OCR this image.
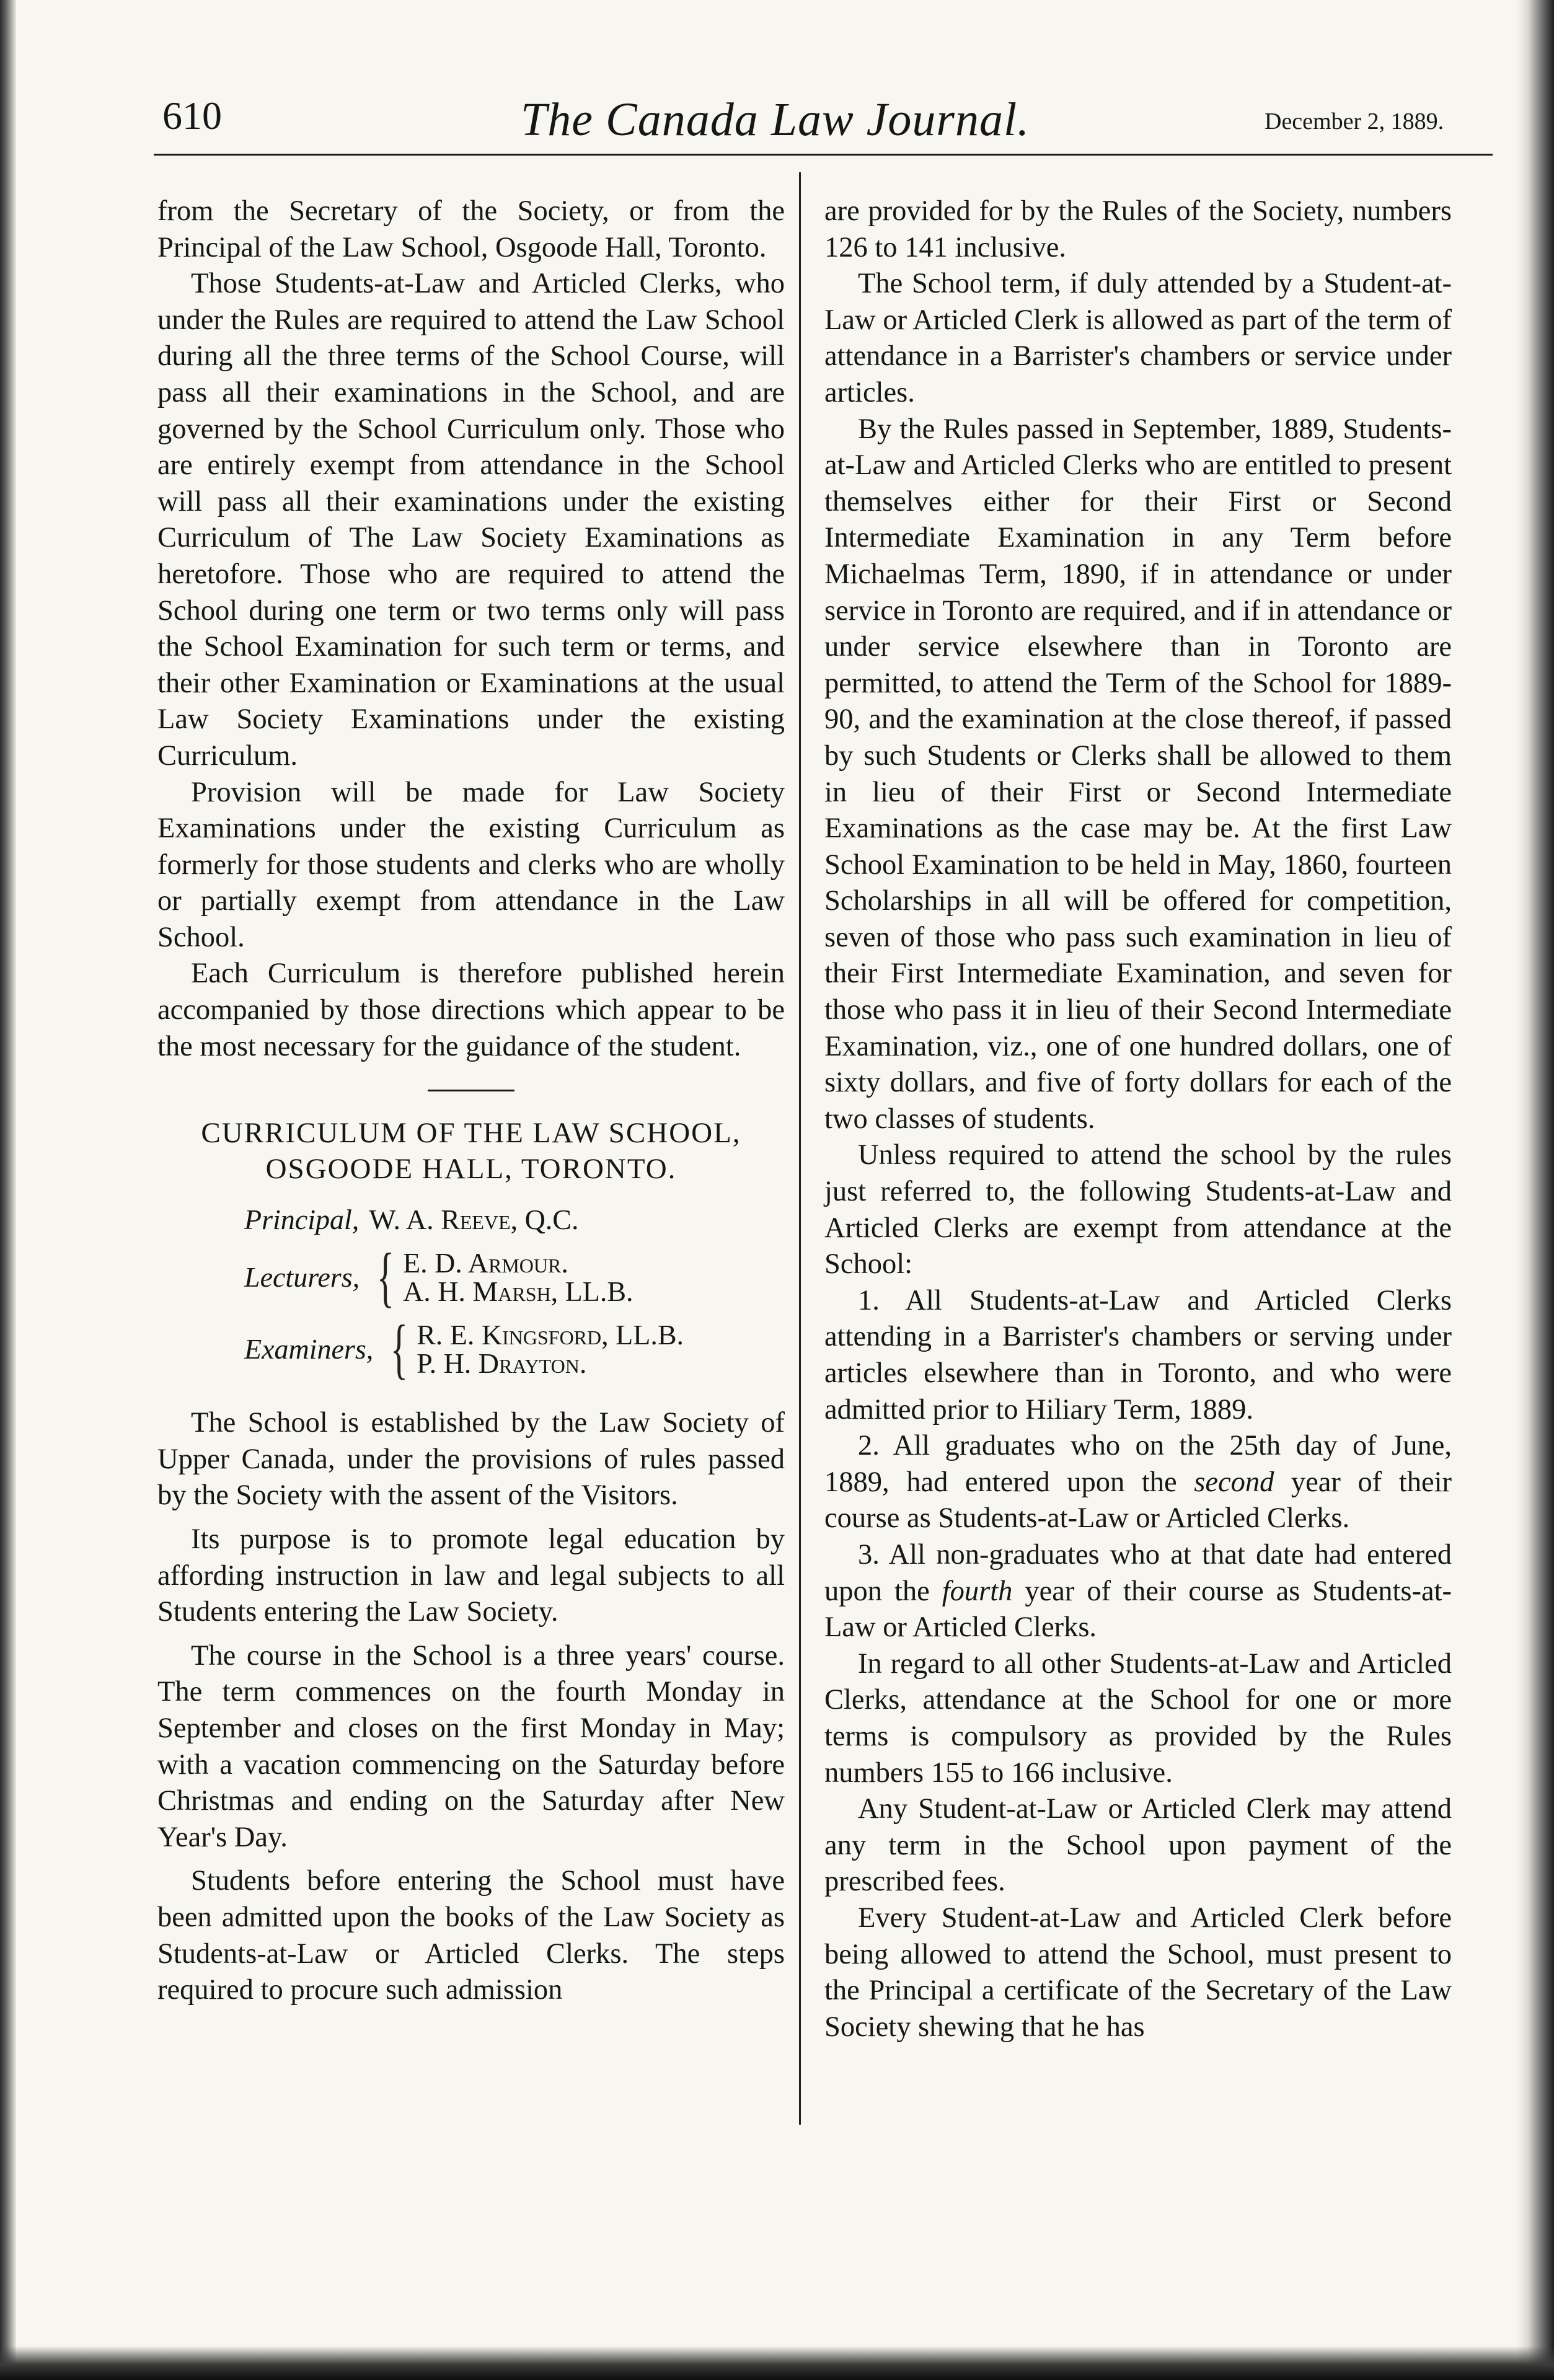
610	The Canada Law Journal.	December 2, 1889.

from the Secretary of the Society, or from the Principal of the Law School, Osgoode Hall, Toronto.

Those Students-at-Law and Articled Clerks, who under the Rules are required to attend the Law School during all the three terms of the School Course, will pass all their examinations in the School, and are governed by the School Curriculum only. Those who are entirely exempt from attendance in the School will pass all their examinations under the existing Curriculum of The Law Society Examinations as heretofore. Those who are required to attend the School during one term or two terms only will pass the School Examination for such term or terms, and their other Examination or Examinations at the usual Law Society Examinations under the existing Curriculum.

Provision will be made for Law Society Examinations under the existing Curriculum as formerly for those students and clerks who are wholly or partially exempt from attendance in the Law School.

Each Curriculum is therefore published herein accompanied by those directions which appear to be the most necessary for the guidance of the student.

CURRICULUM OF THE LAW SCHOOL,
OSGOODE HALL, TORONTO.
Principal, W. A. Reeve, Q.C.
Lecturers, { E. D. Armour.
A. H. Marsh, LL.B.
Examiners, { R. E. Kingsford, LL.B.
P. H. Drayton.

The School is established by the Law Society of Upper Canada, under the provisions of rules passed by the Society with the assent of the Visitors.

Its purpose is to promote legal education by affording instruction in law and legal subjects to all Students entering the Law Society.

The course in the School is a three years' course. The term commences on the fourth Monday in September and closes on the first Monday in May; with a vacation commencing on the Saturday before Christmas and ending on the Saturday after New Year's Day.

Students before entering the School must have been admitted upon the books of the Law Society as Students-at-Law or Articled Clerks. The steps required to procure such admission

are provided for by the Rules of the Society, numbers 126 to 141 inclusive.

The School term, if duly attended by a Student-at-Law or Articled Clerk is allowed as part of the term of attendance in a Barrister's chambers or service under articles.

By the Rules passed in September, 1889, Students-at-Law and Articled Clerks who are entitled to present themselves either for their First or Second Intermediate Examination in any Term before Michaelmas Term, 1890, if in attendance or under service in Toronto are required, and if in attendance or under service elsewhere than in Toronto are permitted, to attend the Term of the School for 1889-90, and the examination at the close thereof, if passed by such Students or Clerks shall be allowed to them in lieu of their First or Second Intermediate Examinations as the case may be. At the first Law School Examination to be held in May, 1860, fourteen Scholarships in all will be offered for competition, seven of those who pass such examination in lieu of their First Intermediate Examination, and seven for those who pass it in lieu of their Second Intermediate Examination, viz., one of one hundred dollars, one of sixty dollars, and five of forty dollars for each of the two classes of students.

Unless required to attend the school by the rules just referred to, the following Students-at-Law and Articled Clerks are exempt from attendance at the School:

1. All Students-at-Law and Articled Clerks attending in a Barrister's chambers or serving under articles elsewhere than in Toronto, and who were admitted prior to Hiliary Term, 1889.

2. All graduates who on the 25th day of June, 1889, had entered upon the second year of their course as Students-at-Law or Articled Clerks.

3. All non-graduates who at that date had entered upon the fourth year of their course as Students-at-Law or Articled Clerks.

In regard to all other Students-at-Law and Articled Clerks, attendance at the School for one or more terms is compulsory as provided by the Rules numbers 155 to 166 inclusive.

Any Student-at-Law or Articled Clerk may attend any term in the School upon payment of the prescribed fees.

Every Student-at-Law and Articled Clerk before being allowed to attend the School, must present to the Principal a certificate of the Secretary of the Law Society shewing that he has
